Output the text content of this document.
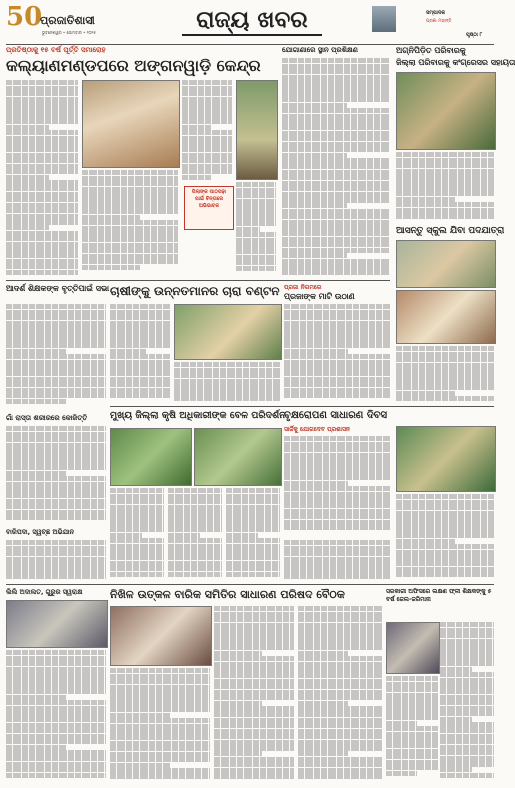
50
ପ୍ରଜାତିଶାସୀ
ଭୁବନେଶ୍ୱର • ସୋମବାର • ୨୦୨୫	ରାଜ୍ୟ ଖବର	ସମ୍ପାଦକ
ପ୍ରଜ୍ଞା ମହାନ୍ତି
ପୃଷ୍ଠା ୮
ପ୍ରତିଷ୍ଠାକୁ ୧୫ ବର୍ଷ ପୂର୍ତ୍ତି ସମାରୋହ
କଲ୍ୟାଣମଣ୍ଡପରେ ଅଙ୍ଗନୱାଡ଼ି କେନ୍ଦ୍ର
ପିଲାଙ୍କ ପାଠପଢ଼ା ପାଇଁ ଚିନ୍ତାରେ ଅଭିଭାବକ
ଯୋଗାଣାରେ ସ୍ଥାନ ପ୍ରଶିକ୍ଷଣ	ଅଗ୍ନିପିଡ଼ିତ ପରିବାରକୁ
ଜିଲ୍ଲା ପରିବାରକୁ କଂଗ୍ରେସର ସହାୟତା
ଆସନ୍ତୁ ସ୍କୁଲ ଯିବା ପଦଯାତ୍ରା
ଆଦର୍ଶ ଶିକ୍ଷକଙ୍କ ବୃତ୍ତିପାଇଁ ସଭା ଚାଷୀଙ୍କୁ ଉନ୍ନତମାନର ଚାରା ବଣ୍ଟନ ପ୍ରଜା ନିଗମରେ
ପ୍ରଜାଙ୍କ ମାଟି ଉଠାଣ
ଗାଁ ରାସ୍ତା ଶରୀରରେ କୋଜିତ୍ତି	ମୁଖ୍ୟ ଜିଲ୍ଲା କୃଷି ଅଧିକାରୀଙ୍କ ବେଳ ପରିଦର୍ଶନ
ବୃକ୍ଷରୋପଣ ସାଧାରଣ ଦିବସ
ସାର୍ଜିକୁ ଯୋଗଦେବ ପ୍ରଶାସନ
ବାରିପଦା, ସ୍ୱଚ୍ଛ ଅଭିଯାନ
ଲିଲି ଅଦାଲତ, ଗୁରୁର ସ୍ୱରାକ୍ଷ	ନିଖିଳ ଉତ୍କଳ ବାରିକ ସମିତିର ସାଧାରଣ ପରିଷଦ ବୈଠକ	ସରକାରୀ ଅଫିସରେ ଲକ୍ଷଣ ଫ୍ଳୀ ଶିକ୍ଷକଙ୍କୁ ୫ ବର୍ଷ ଜେଲ-ଜରିମାନା
